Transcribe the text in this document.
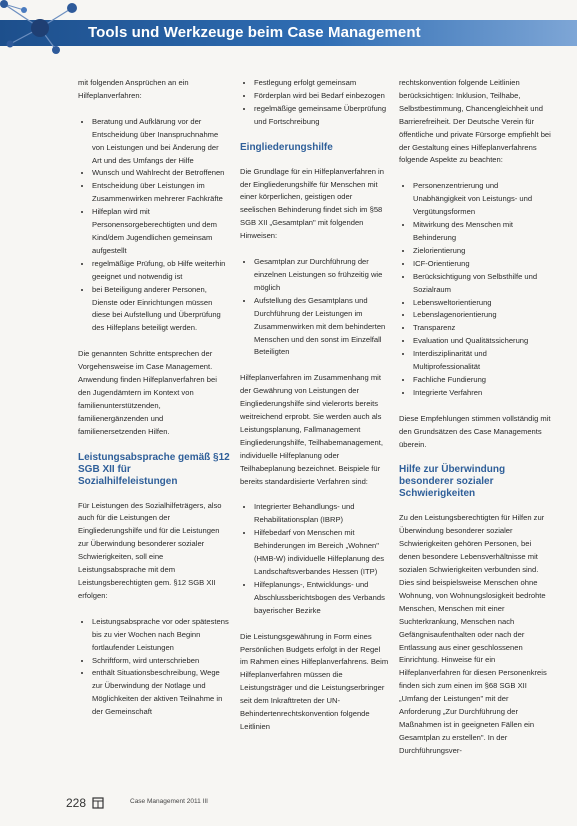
Tools und Werkzeuge beim Case Management

mit folgenden Ansprüchen an ein Hilfeplanverfahren:

• Beratung und Aufklärung vor der Entscheidung über Inanspruchnahme von Leistungen und bei Änderung der Art und des Umfangs der Hilfe
• Wunsch und Wahlrecht der Betroffenen
• Entscheidung über Leistungen im Zusammenwirken mehrerer Fachkräfte
• Hilfeplan wird mit Personensorgeberechtigten und dem Kind/dem Jugendlichen gemeinsam aufgestellt
• regelmäßige Prüfung, ob Hilfe weiterhin geeignet und notwendig ist
• bei Beteiligung anderer Personen, Dienste oder Einrichtungen müssen diese bei Aufstellung und Überprüfung des Hilfeplans beteiligt werden.

Die genannten Schritte entsprechen der Vorgehensweise im Case Management. Anwendung finden Hilfeplanverfahren bei den Jugendämtern im Kontext von familienunterstützenden, familienergänzenden und familienersetzenden Hilfen.

Leistungsabsprache gemäß §12 SGB XII für Sozialhilfeleistungen

Für Leistungen des Sozialhilfeträgers, also auch für die Leistungen der Eingliederungshilfe und für die Leistungen zur Überwindung besonderer sozialer Schwierigkeiten, soll eine Leistungsabsprache mit dem Leistungsberechtigten gem. §12 SGB XII erfolgen:

• Leistungsabsprache vor oder spätestens bis zu vier Wochen nach Beginn fortlaufender Leistungen
• Schriftform, wird unterschrieben
• enthält Situationsbeschreibung, Wege zur Überwindung der Notlage und Möglichkeiten der aktiven Teilnahme in der Gemeinschaft
• Festlegung erfolgt gemeinsam
• Förderplan wird bei Bedarf einbezogen
• regelmäßige gemeinsame Überprüfung und Fortschreibung
Eingliederungshilfe

Die Grundlage für ein Hilfeplanverfahren in der Eingliederungshilfe für Menschen mit einer körperlichen, geistigen oder seelischen Behinderung findet sich im §58 SGB XII „Gesamtplan" mit folgenden Hinweisen:

• Gesamtplan zur Durchführung der einzelnen Leistungen so frühzeitig wie möglich
• Aufstellung des Gesamtplans und Durchführung der Leistungen im Zusammenwirken mit dem behinderten Menschen und den sonst im Einzelfall Beteiligten

Hilfeplanverfahren im Zusammenhang mit der Gewährung von Leistungen der Eingliederungshilfe sind vielerorts bereits weitreichend erprobt. Sie werden auch als Leistungsplanung, Fallmanagement Eingliederungshilfe, Teilhabemanagement, individuelle Hilfeplanung oder Teilhabeplanung bezeichnet. Beispiele für bereits standardisierte Verfahren sind:

• Integrierter Behandlungs- und Rehabilitationsplan (IBRP)
• Hilfebedarf von Menschen mit Behinderungen im Bereich „Wohnen" (HMB-W) individuelle Hilfeplanung des Landschaftsverbandes Hessen (ITP)
• Hilfeplanungs-, Entwicklungs- und Abschlussberichtsbogen des Verbands bayerischer Bezirke

Die Leistungsgewährung in Form eines Persönlichen Budgets erfolgt in der Regel im Rahmen eines Hilfeplanverfahrens. Beim Hilfeplanverfahren müssen die Leistungsträger und die Leistungserbringer seit dem Inkrafttreten der UN-Behindertenrechtskonvention folgende Leitlinien

rechtskonvention folgende Leitlinien berücksichtigen: Inklusion, Teilhabe, Selbstbestimmung, Chancengleichheit und Barrierefreiheit. Der Deutsche Verein für öffentliche und private Fürsorge empfiehlt bei der Gestaltung eines Hilfeplanverfahrens folgende Aspekte zu beachten:

• Personenzentrierung und Unabhängigkeit von Leistungs- und Vergütungsformen
• Mitwirkung des Menschen mit Behinderung
• Zielorientierung
• ICF-Orientierung
• Berücksichtigung von Selbsthilfe und Sozialraum
• Lebensweltorientierung
• Lebenslagenorientierung
• Transparenz
• Evaluation und Qualitätssicherung
• Interdisziplinarität und Multiprofessionalität
• Fachliche Fundierung
• Integrierte Verfahren

Diese Empfehlungen stimmen vollständig mit den Grundsätzen des Case Managements überein.

Hilfe zur Überwindung besonderer sozialer Schwierigkeiten

Zu den Leistungsberechtigten für Hilfen zur Überwindung besonderer sozialer Schwierigkeiten gehören Personen, bei denen besondere Lebensverhältnisse mit sozialen Schwierigkeiten verbunden sind. Dies sind beispielsweise Menschen ohne Wohnung, von Wohnungslosigkeit bedrohte Menschen, Menschen mit einer Suchterkrankung, Menschen nach Gefängnisaufenthalten oder nach der Entlassung aus einer geschlossenen Einrichtung. Hinweise für ein Hilfeplanverfahren für diesen Personenkreis finden sich zum einen im §68 SGB XII „Umfang der Leistungen" mit der Anforderung „Zur Durchführung der Maßnahmen ist in geeigneten Fällen ein Gesamtplan zu erstellen". In der Durchführungsver-

228	Case Management 2011 III
